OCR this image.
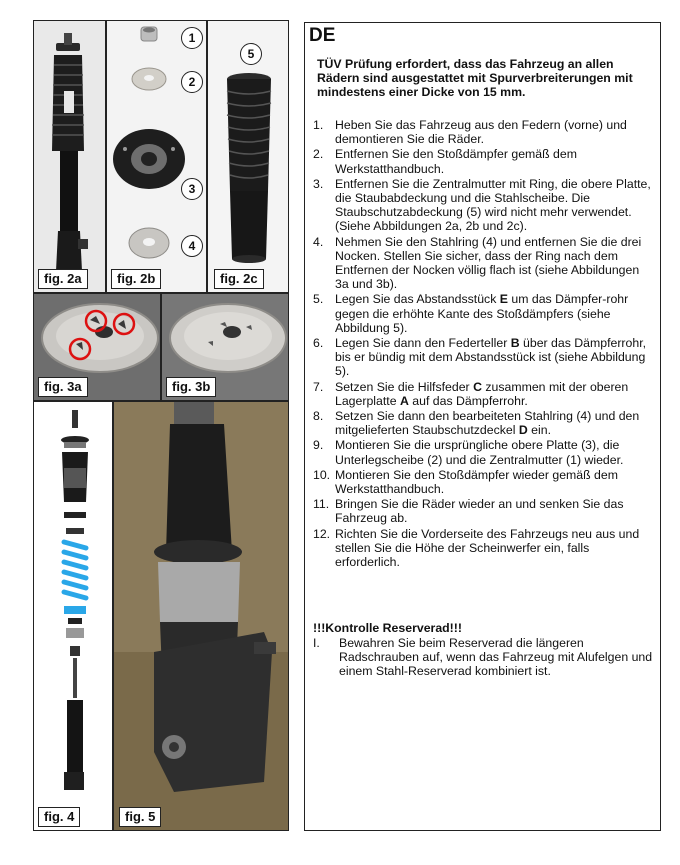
fig. 2a
1
2
3
4
fig. 2b
5
fig. 2c
fig. 3a	fig. 3b
fig. 4	fig. 5
DE
TÜV Prüfung erfordert, dass das Fahrzeug an allen Rädern sind ausgestattet mit Spurverbreiterungen mit mindestens einer Dicke von 15 mm.
1. Heben Sie das Fahrzeug aus den Federn (vorne) und demontieren Sie die Räder.
2. Entfernen Sie den Stoßdämpfer gemäß dem Werkstatthandbuch.
3. Entfernen Sie die Zentralmutter mit Ring, die obere Platte, die Staubabdeckung und die Stahlscheibe. Die Staubschutzabdeckung (5) wird nicht mehr verwendet. (Siehe Abbildungen 2a, 2b und 2c).
4. Nehmen Sie den Stahlring (4) und entfernen Sie die drei Nocken. Stellen Sie sicher, dass der Ring nach dem Entfernen der Nocken völlig flach ist (siehe Abbildungen 3a und 3b).
5. Legen Sie das Abstandsstück E um das Dämpfer-rohr gegen die erhöhte Kante des Stoßdämpfers (siehe Abbildung 5).
6. Legen Sie dann den Federteller B über das Dämpferrohr, bis er bündig mit dem Abstandsstück ist (siehe Abbildung 5).
7. Setzen Sie die Hilfsfeder C zusammen mit der oberen Lagerplatte A auf das Dämpferrohr.
8. Setzen Sie dann den bearbeiteten Stahlring (4) und den mitgelieferten Staubschutzdeckel D ein.
9. Montieren Sie die ursprüngliche obere Platte (3), die Unterlegscheibe (2) und die Zentralmutter (1) wieder.
10. Montieren Sie den Stoßdämpfer wieder gemäß dem Werkstatthandbuch.
11. Bringen Sie die Räder wieder an und senken Sie das Fahrzeug ab.
12. Richten Sie die Vorderseite des Fahrzeugs neu aus und stellen Sie die Höhe der Scheinwerfer ein, falls erforderlich.
!!!Kontrolle Reserverad!!!
I. Bewahren Sie beim Reserverad die längeren Radschrauben auf, wenn das Fahrzeug mit Alufelgen und einem Stahl-Reserverad kombiniert ist.
